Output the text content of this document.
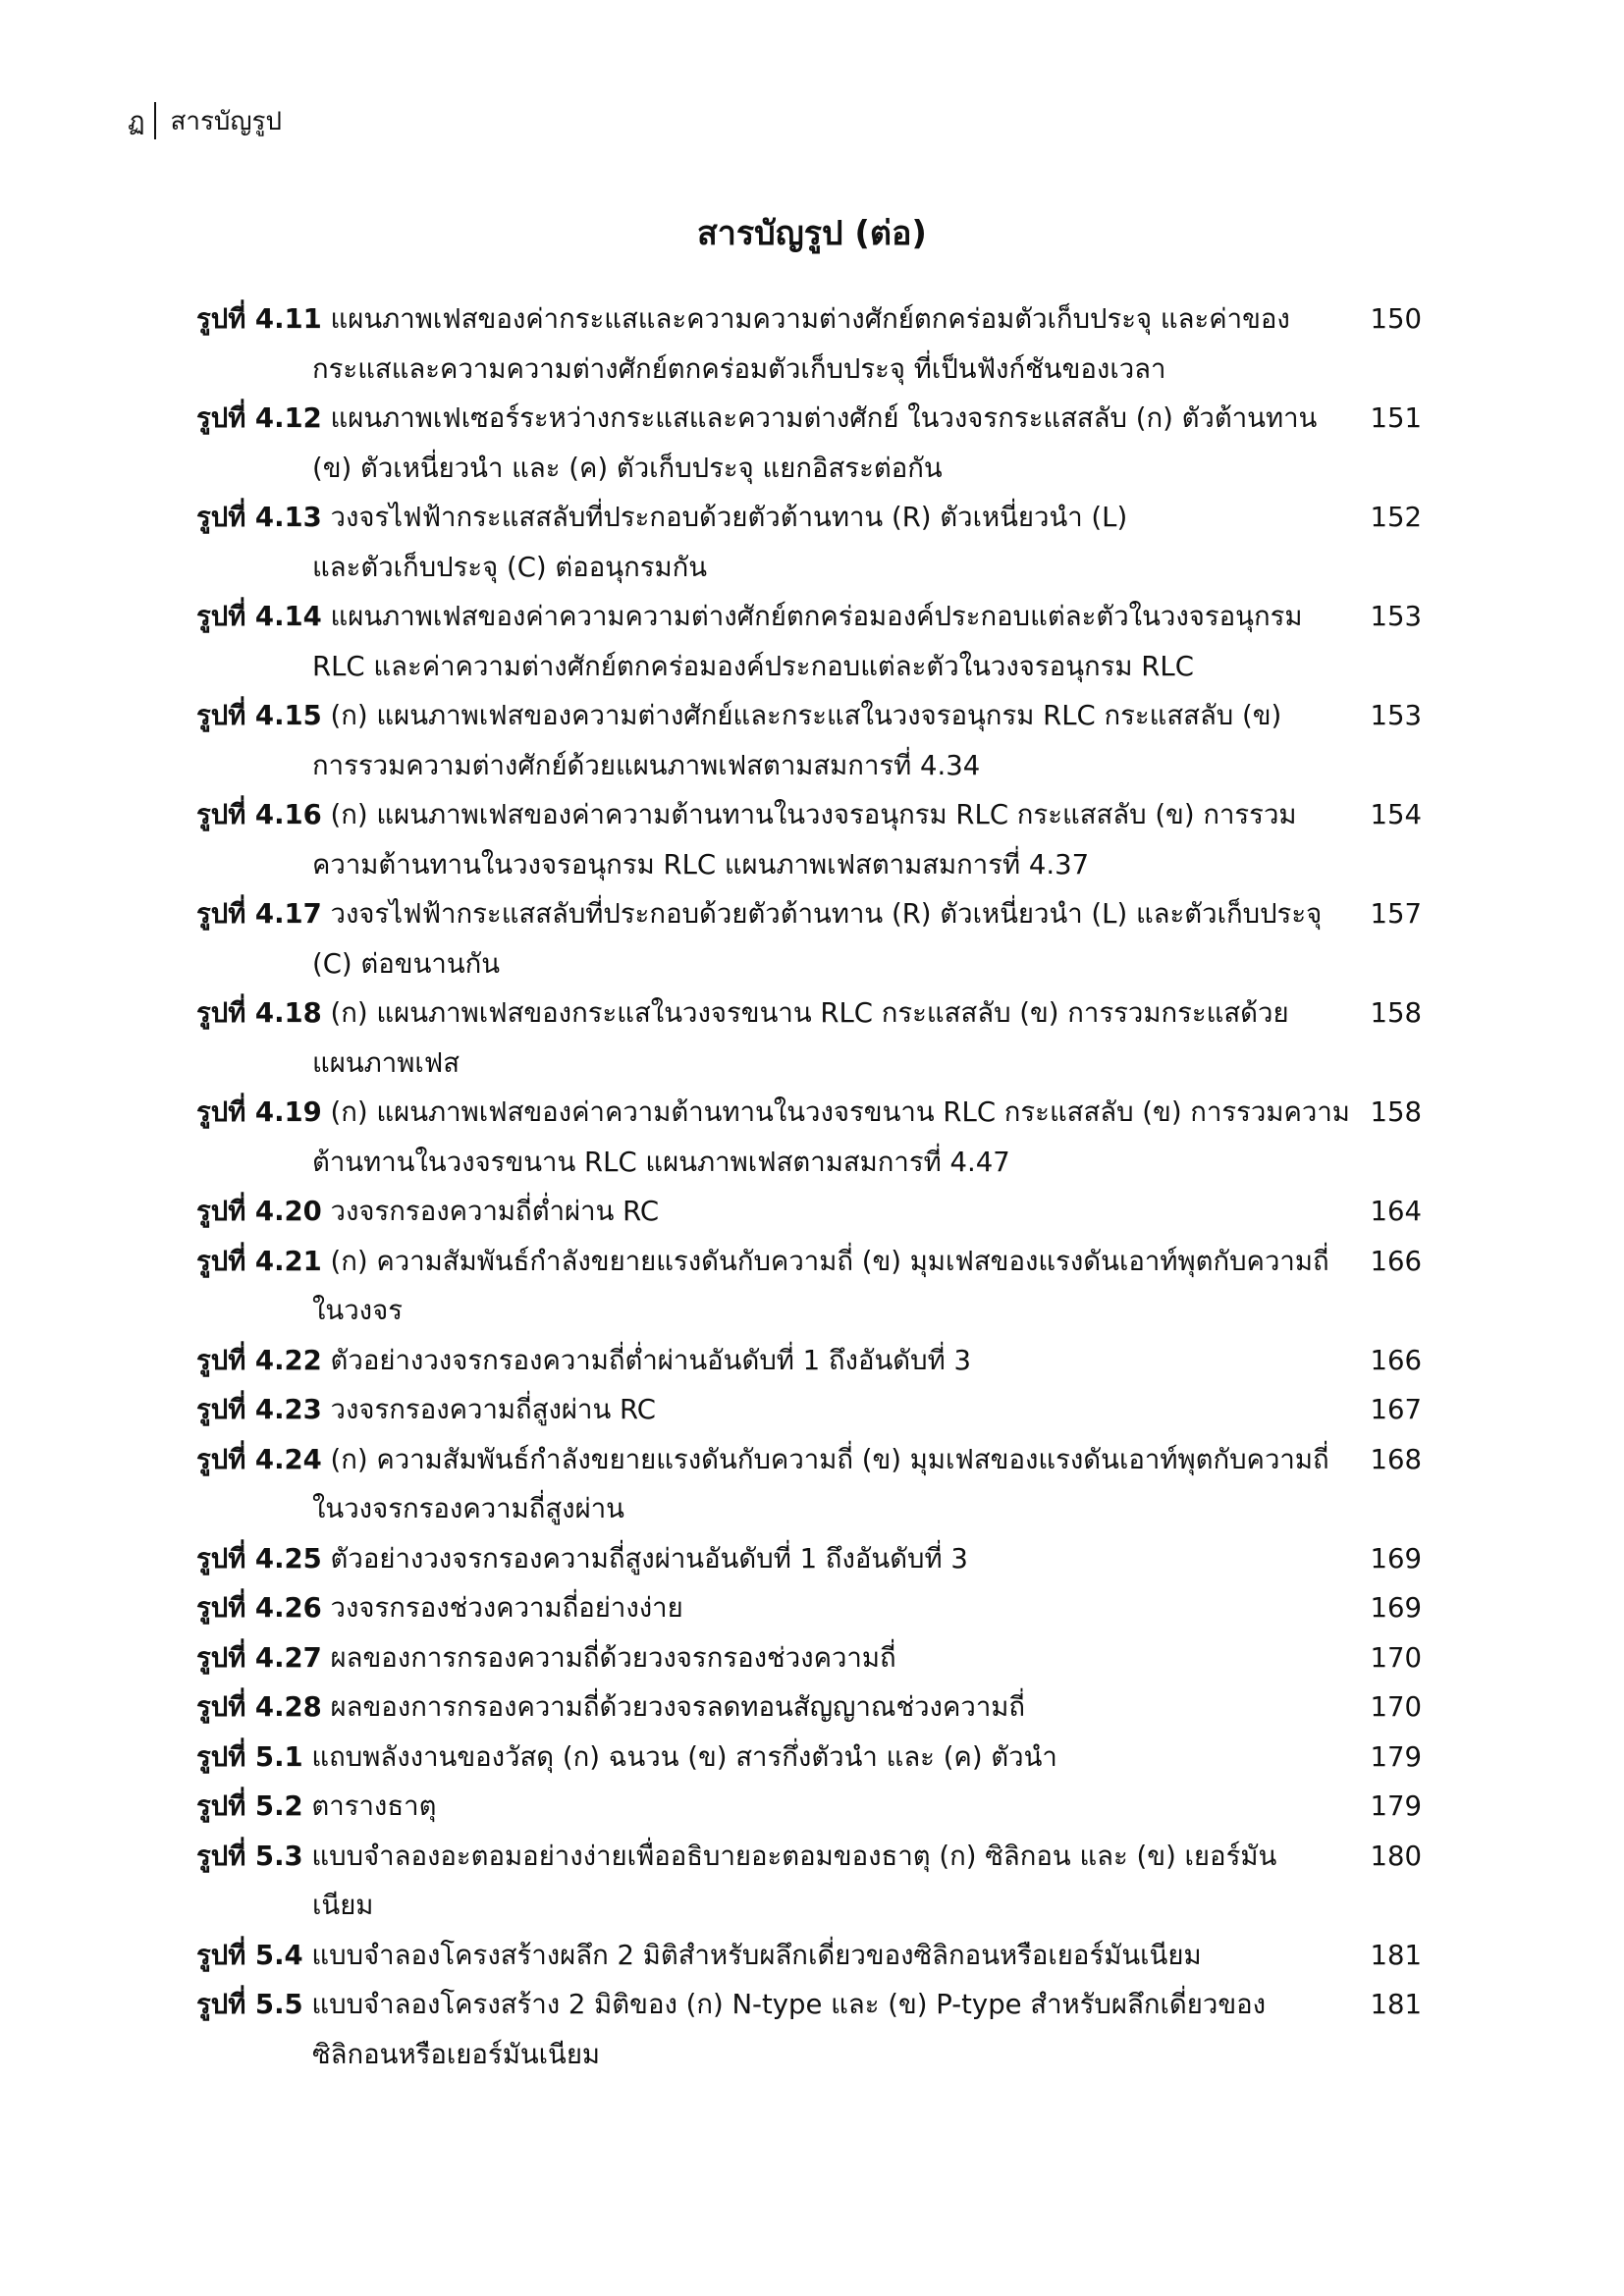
ฏ สารบัญรูป
สารบัญรูป (ต่อ)
รูปที่ 4.11 แผนภาพเฟสของค่ากระแสและความความต่างศักย์ตกคร่อมตัวเก็บประจุ และค่าของ
กระแสและความความต่างศักย์ตกคร่อมตัวเก็บประจุ ที่เป็นฟังก์ชันของเวลา
150
รูปที่ 4.12 แผนภาพเฟเซอร์ระหว่างกระแสและความต่างศักย์ ในวงจรกระแสสลับ (ก) ตัวต้านทาน
(ข) ตัวเหนี่ยวนำ และ (ค) ตัวเก็บประจุ แยกอิสระต่อกัน
151
รูปที่ 4.13 วงจรไฟฟ้ากระแสสลับที่ประกอบด้วยตัวต้านทาน (R) ตัวเหนี่ยวนำ (L)
และตัวเก็บประจุ (C) ต่ออนุกรมกัน
152
รูปที่ 4.14 แผนภาพเฟสของค่าความความต่างศักย์ตกคร่อมองค์ประกอบแต่ละตัวในวงจรอนุกรม
RLC และค่าความต่างศักย์ตกคร่อมองค์ประกอบแต่ละตัวในวงจรอนุกรม RLC
153
รูปที่ 4.15 (ก) แผนภาพเฟสของความต่างศักย์และกระแสในวงจรอนุกรม RLC กระแสสลับ (ข)
การรวมความต่างศักย์ด้วยแผนภาพเฟสตามสมการที่ 4.34
153
รูปที่ 4.16 (ก) แผนภาพเฟสของค่าความต้านทานในวงจรอนุกรม RLC กระแสสลับ (ข) การรวม
ความต้านทานในวงจรอนุกรม RLC แผนภาพเฟสตามสมการที่ 4.37
154
รูปที่ 4.17 วงจรไฟฟ้ากระแสสลับที่ประกอบด้วยตัวต้านทาน (R) ตัวเหนี่ยวนำ (L) และตัวเก็บประจุ
(C) ต่อขนานกัน
157
รูปที่ 4.18 (ก) แผนภาพเฟสของกระแสในวงจรขนาน RLC กระแสสลับ (ข) การรวมกระแสด้วย
แผนภาพเฟส
158
รูปที่ 4.19 (ก) แผนภาพเฟสของค่าความต้านทานในวงจรขนาน RLC กระแสสลับ (ข) การรวมความ
ต้านทานในวงจรขนาน RLC แผนภาพเฟสตามสมการที่ 4.47
158
รูปที่ 4.20 วงจรกรองความถี่ต่ำผ่าน RC	164
รูปที่ 4.21 (ก) ความสัมพันธ์กำลังขยายแรงดันกับความถี่ (ข) มุมเฟสของแรงดันเอาท์พุตกับความถี่
ในวงจร
166
รูปที่ 4.22 ตัวอย่างวงจรกรองความถี่ต่ำผ่านอันดับที่ 1 ถึงอันดับที่ 3	166
รูปที่ 4.23 วงจรกรองความถี่สูงผ่าน RC	167
รูปที่ 4.24 (ก) ความสัมพันธ์กำลังขยายแรงดันกับความถี่ (ข) มุมเฟสของแรงดันเอาท์พุตกับความถี่
ในวงจรกรองความถี่สูงผ่าน
168
รูปที่ 4.25 ตัวอย่างวงจรกรองความถี่สูงผ่านอันดับที่ 1 ถึงอันดับที่ 3	169
รูปที่ 4.26 วงจรกรองช่วงความถี่อย่างง่าย	169
รูปที่ 4.27 ผลของการกรองความถี่ด้วยวงจรกรองช่วงความถี่	170
รูปที่ 4.28 ผลของการกรองความถี่ด้วยวงจรลดทอนสัญญาณช่วงความถี่	170
รูปที่ 5.1 แถบพลังงานของวัสดุ (ก) ฉนวน (ข) สารกึ่งตัวนำ และ (ค) ตัวนำ	179
รูปที่ 5.2 ตารางธาตุ	179
รูปที่ 5.3 แบบจำลองอะตอมอย่างง่ายเพื่ออธิบายอะตอมของธาตุ (ก) ซิลิกอน และ (ข) เยอร์มัน
เนียม
180
รูปที่ 5.4 แบบจำลองโครงสร้างผลึก 2 มิติสำหรับผลึกเดี่ยวของซิลิกอนหรือเยอร์มันเนียม	181
รูปที่ 5.5 แบบจำลองโครงสร้าง 2 มิติของ (ก) N-type และ (ข) P-type สำหรับผลึกเดี่ยวของ
ซิลิกอนหรือเยอร์มันเนียม
181
